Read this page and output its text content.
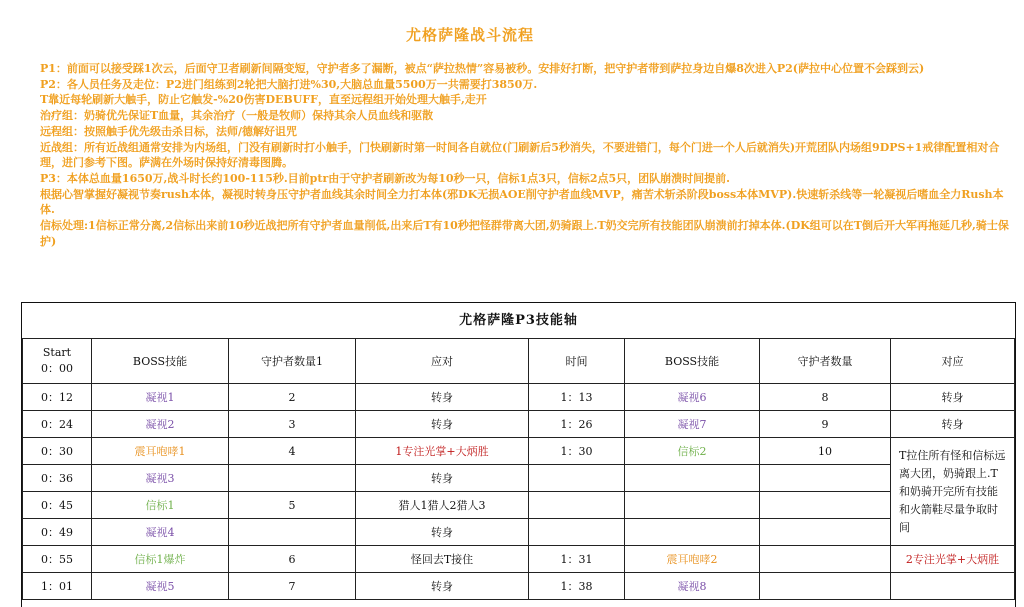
尤格萨隆战斗流程

P1：前面可以接受踩1次云，后面守卫者刷新间隔变短，守护者多了漏断，被点“萨拉热情”容易被秒。安排好打断，把守护者带到萨拉身边自爆8次进入P2(萨拉中心位置不会踩到云)

P2：各人员任务及走位：P2进门组练到2轮把大脑打进%30,大脑总血量5500万一共需要打3850万.

T靠近每轮刷新大触手，防止它触发-%20伤害DEBUFF，直至远程组开始处理大触手,走开

治疗组：奶骑优先保证T血量，其余治疗（一般是牧师）保持其余人员血线和驱散

远程组：按照触手优先级击杀目标，法师/德解好诅咒

近战组：所有近战组通常安排为内场组，门没有刷新时打小触手，门快刷新时第一时间各自就位(门刷新后5秒消失，不要进错门，每个门进一个人后就消失)开荒团队内场组9DPS+1戒律配置相对合理，进门参考下图。萨满在外场时保持好清毒图腾。

P3：本体总血量1650万,战斗时长约100-115秒.目前ptr由于守护者刷新改为每10秒一只，信标1点3只，信标2点5只，团队崩溃时间提前.

根据心智掌握好凝视节奏rush本体，凝视时转身压守护者血线其余时间全力打本体(邪DK无损AOE削守护者血线MVP，痛苦术斩杀阶段boss本体MVP).快速斩杀线等一轮凝视后嗜血全力Rush本体.

信标处理:1信标正常分离,2信标出来前10秒近战把所有守护者血量削低,出来后T有10秒把怪群带离大团,奶骑跟上.T奶交完所有技能团队崩溃前打掉本体.(DK组可以在T倒后开大军再拖延几秒,骑士保护)

尤格萨隆P3技能轴
Start
0：00	BOSS技能	守护者数量1	应对	时间	BOSS技能	守护者数量	对应
0：12	凝视1	2	转身	1：13	凝视6	8	转身
0：24	凝视2	3	转身	1：26	凝视7	9	转身
0：30	震耳咆哮1	4	1专注光掌+大炳胜	1：30	信标2	10	T拉住所有怪和信标远离大团，奶骑跟上.T和奶骑开完所有技能和火箭鞋尽量争取时间
0：36	凝视3		转身				
0：45	信标1	5	猎人1猎人2猎人3				
0：49	凝视4		转身				
0：55	信标1爆炸	6	怪回去T接住	1：31	震耳咆哮2		2专注光掌+大炳胜
1：01	凝视5	7	转身	1：38	凝视8		
